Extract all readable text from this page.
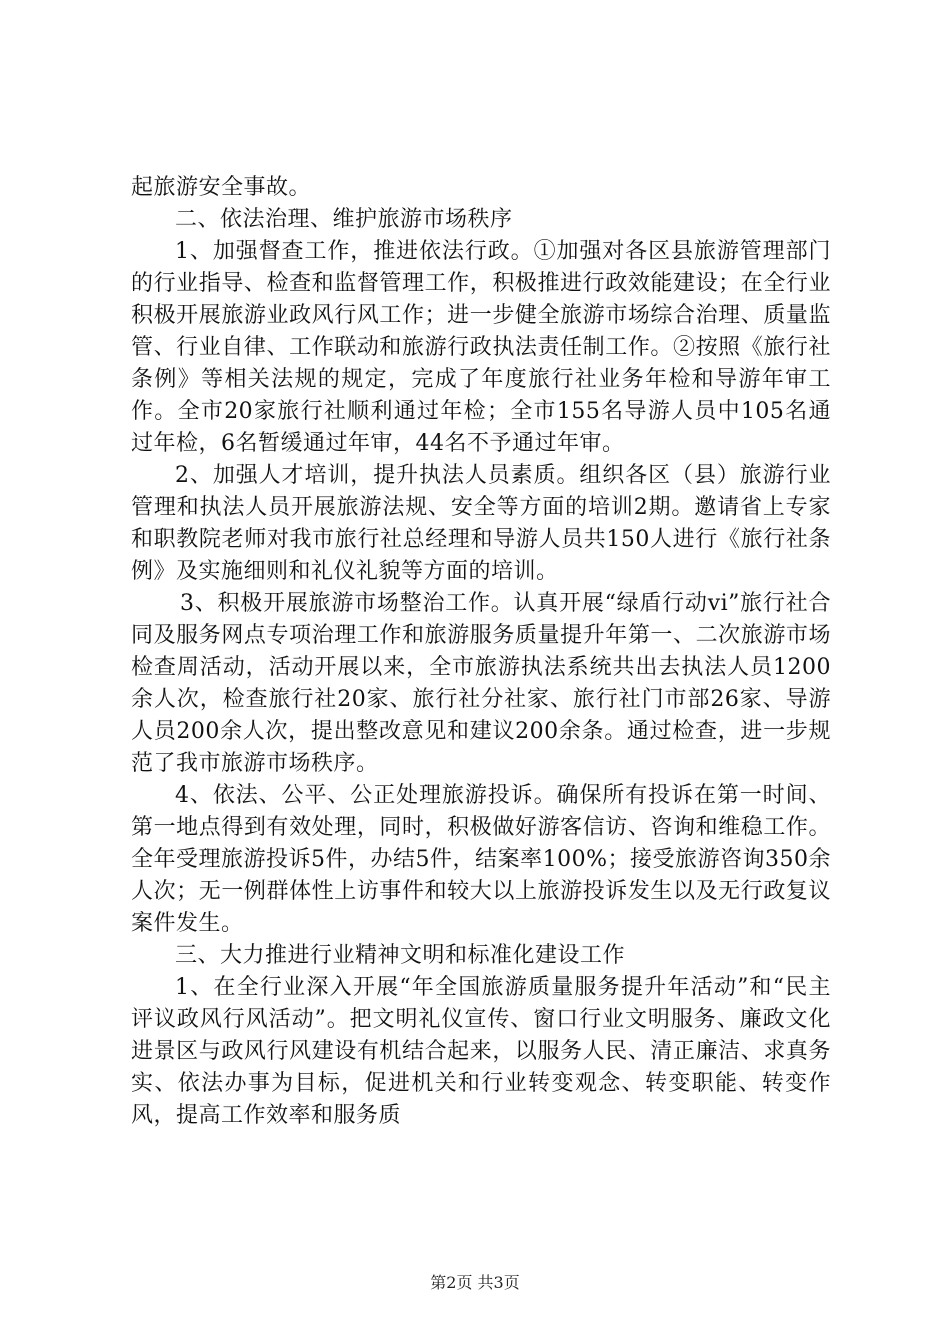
起旅游安全事故。

二、依法治理、维护旅游市场秩序

1、加强督查工作，推进依法行政。①加强对各区县旅游管理部门的行业指导、检查和监督管理工作，积极推进行政效能建设；在全行业积极开展旅游业政风行风工作；进一步健全旅游市场综合治理、质量监管、行业自律、工作联动和旅游行政执法责任制工作。②按照《旅行社条例》等相关法规的规定，完成了年度旅行社业务年检和导游年审工作。全市20家旅行社顺利通过年检；全市155名导游人员中105名通过年检，6名暂缓通过年审，44名不予通过年审。

2、加强人才培训，提升执法人员素质。组织各区（县）旅游行业管理和执法人员开展旅游法规、安全等方面的培训2期。邀请省上专家和职教院老师对我市旅行社总经理和导游人员共150人进行《旅行社条例》及实施细则和礼仪礼貌等方面的培训。

3、积极开展旅游市场整治工作。认真开展“绿盾行动vi”旅行社合同及服务网点专项治理工作和旅游服务质量提升年第一、二次旅游市场检查周活动，活动开展以来，全市旅游执法系统共出去执法人员1200余人次，检查旅行社20家、旅行社分社家、旅行社门市部26家、导游人员200余人次，提出整改意见和建议200余条。通过检查，进一步规范了我市旅游市场秩序。

4、依法、公平、公正处理旅游投诉。确保所有投诉在第一时间、第一地点得到有效处理，同时，积极做好游客信访、咨询和维稳工作。全年受理旅游投诉5件，办结5件，结案率100%；接受旅游咨询350余人次；无一例群体性上访事件和较大以上旅游投诉发生以及无行政复议案件发生。

三、大力推进行业精神文明和标准化建设工作

1、在全行业深入开展“年全国旅游质量服务提升年活动”和“民主评议政风行风活动”。把文明礼仪宣传、窗口行业文明服务、廉政文化进景区与政风行风建设有机结合起来，以服务人民、清正廉洁、求真务实、依法办事为目标，促进机关和行业转变观念、转变职能、转变作风，提高工作效率和服务质

第2页 共3页
